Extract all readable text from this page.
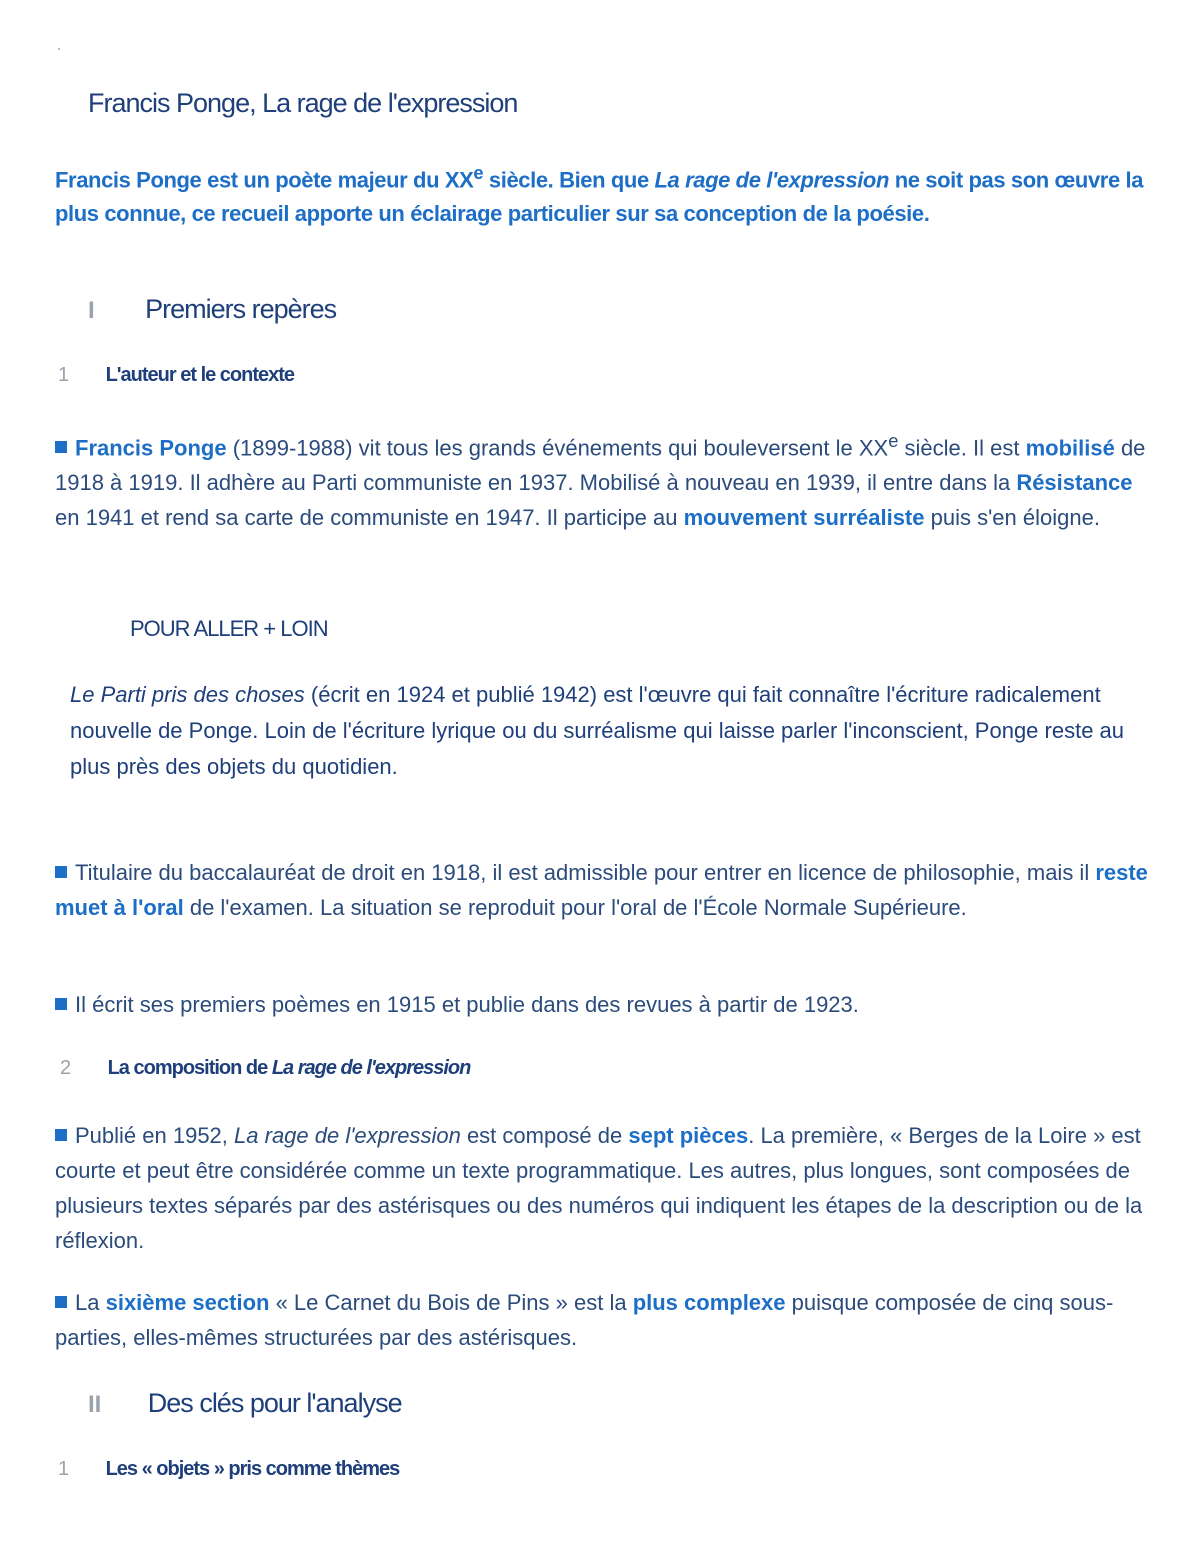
Francis Ponge, La rage de l'expression
Francis Ponge est un poète majeur du XXe siècle. Bien que La rage de l'expression ne soit pas son œuvre la plus connue, ce recueil apporte un éclairage particulier sur sa conception de la poésie.
I Premiers repères
1 L'auteur et le contexte
Francis Ponge (1899-1988) vit tous les grands événements qui bouleversent le XXe siècle. Il est mobilisé de 1918 à 1919. Il adhère au Parti communiste en 1937. Mobilisé à nouveau en 1939, il entre dans la Résistance en 1941 et rend sa carte de communiste en 1947. Il participe au mouvement surréaliste puis s'en éloigne.
POUR ALLER + LOIN
Le Parti pris des choses (écrit en 1924 et publié 1942) est l'œuvre qui fait connaître l'écriture radicalement nouvelle de Ponge. Loin de l'écriture lyrique ou du surréalisme qui laisse parler l'inconscient, Ponge reste au plus près des objets du quotidien.
Titulaire du baccalauréat de droit en 1918, il est admissible pour entrer en licence de philosophie, mais il reste muet à l'oral de l'examen. La situation se reproduit pour l'oral de l'École Normale Supérieure.
Il écrit ses premiers poèmes en 1915 et publie dans des revues à partir de 1923.
2 La composition de La rage de l'expression
Publié en 1952, La rage de l'expression est composé de sept pièces. La première, « Berges de la Loire » est courte et peut être considérée comme un texte programmatique. Les autres, plus longues, sont composées de plusieurs textes séparés par des astérisques ou des numéros qui indiquent les étapes de la description ou de la réflexion.
La sixième section « Le Carnet du Bois de Pins » est la plus complexe puisque composée de cinq sous-parties, elles-mêmes structurées par des astérisques.
II Des clés pour l'analyse
1 Les « objets » pris comme thèmes
